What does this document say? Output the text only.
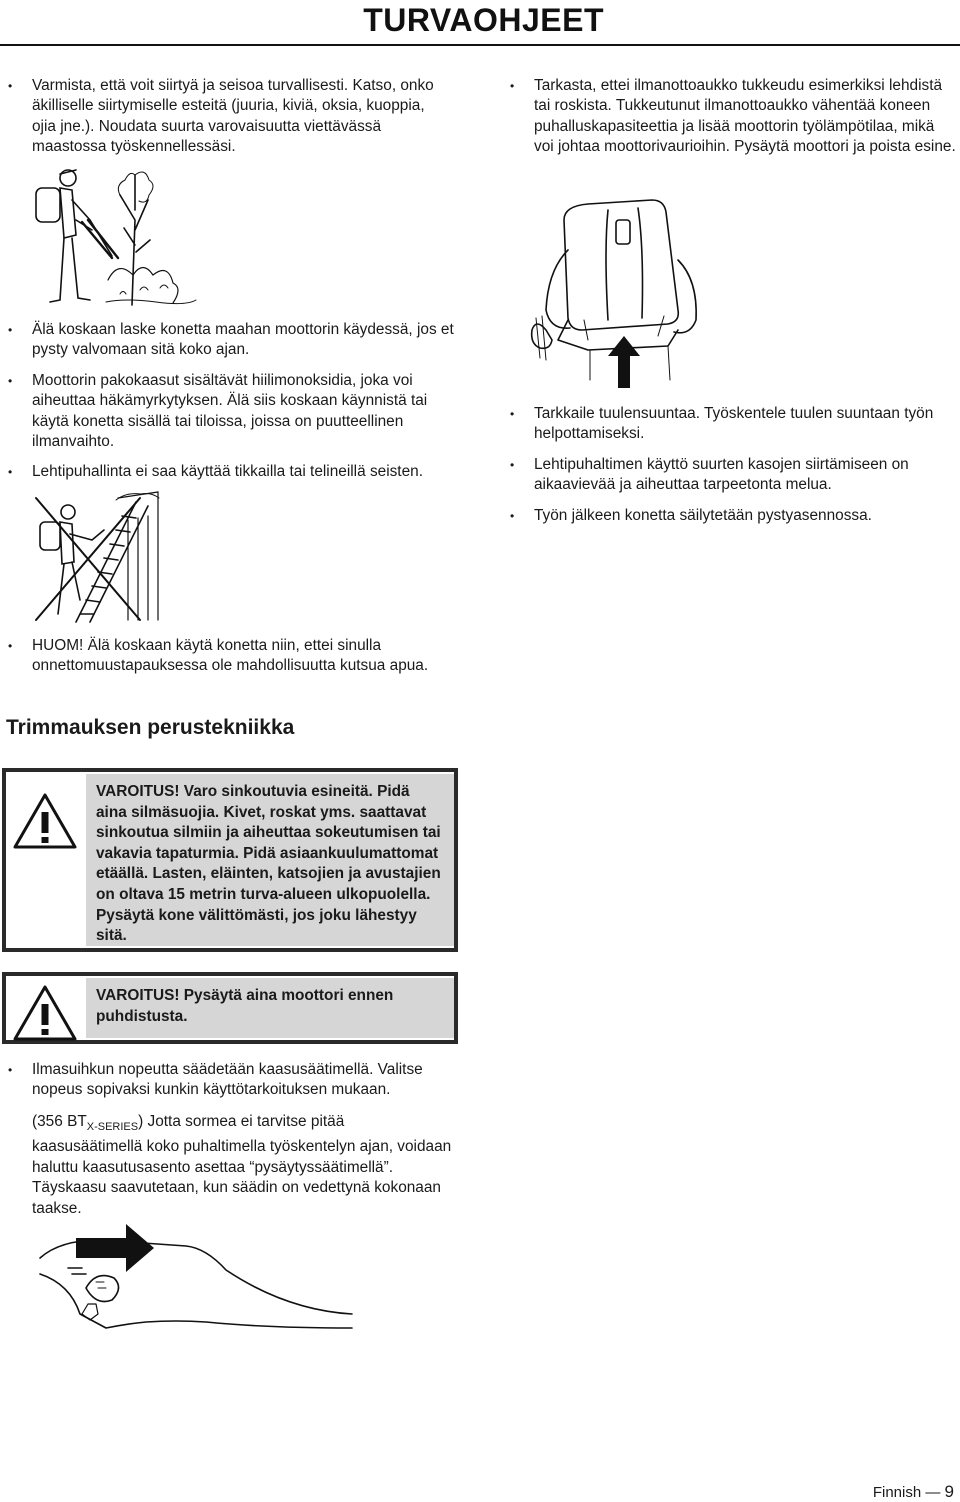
TURVAOHJEET
• Varmista, että voit siirtyä ja seisoa turvallisesti. Katso, onko äkilliselle siirtymiselle esteitä (juuria, kiviä, oksia, kuoppia, ojia jne.). Noudata suurta varovaisuutta viettävässä maastossa työskennellessäsi.
• Älä koskaan laske konetta maahan moottorin käydessä, jos et pysty valvomaan sitä koko ajan.
• Moottorin pakokaasut sisältävät hiilimonoksidia, joka voi aiheuttaa häkämyrkytyksen. Älä siis koskaan käynnistä tai käytä konetta sisällä tai tiloissa, joissa on puutteellinen ilmanvaihto.
• Lehtipuhallinta ei saa käyttää tikkailla tai telineillä seisten.
• HUOM! Älä koskaan käytä konetta niin, ettei sinulla onnettomuustapauksessa ole mahdollisuutta kutsua apua.
• Tarkasta, ettei ilmanottoaukko tukkeudu esimerkiksi lehdistä tai roskista. Tukkeutunut ilmanottoaukko vähentää koneen puhalluskapasiteettia ja lisää moottorin työlämpötilaa, mikä voi johtaa moottorivaurioihin. Pysäytä moottori ja poista esine.
• Tarkkaile tuulensuuntaa. Työskentele tuulen suuntaan työn helpottamiseksi.
• Lehtipuhaltimen käyttö suurten kasojen siirtämiseen on aikaavievää ja aiheuttaa tarpeetonta melua.
• Työn jälkeen konetta säilytetään pystyasennossa.
Trimmauksen perustekniikka
VAROITUS! Varo sinkoutuvia esineitä. Pidä aina silmäsuojia. Kivet, roskat yms. saattavat sinkoutua silmiin ja aiheuttaa sokeutumisen tai vakavia tapaturmia. Pidä asiaankuulumattomat etäällä. Lasten, eläinten, katsojien ja avustajien on oltava 15 metrin turva-alueen ulkopuolella. Pysäytä kone välittömästi, jos joku lähestyy sitä.
VAROITUS! Pysäytä aina moottori ennen puhdistusta.
• Ilmasuihkun nopeutta säädetään kaasusäätimellä. Valitse nopeus sopivaksi kunkin käyttötarkoituksen mukaan.
(356 $BT_{X-SERIES}$) Jotta sormea ei tarvitse pitää kaasusäätimellä koko puhaltimella työskentelyn ajan, voidaan haluttu kaasutusasento asettaa “pysäytyssäätimellä”. Täyskaasu saavutetaan, kun säädin on vedettynä kokonaan taakse.
Finnish — 9
